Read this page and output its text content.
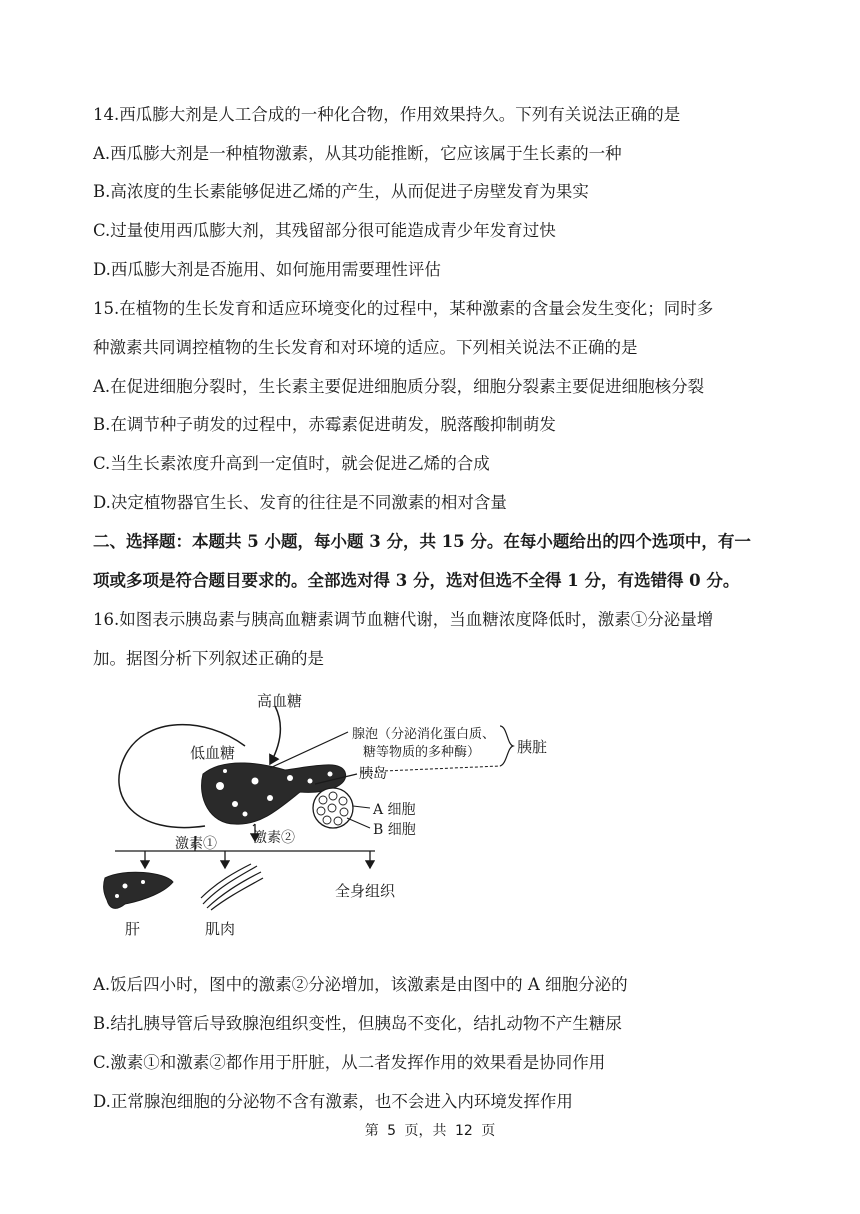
14.西瓜膨大剂是人工合成的一种化合物，作用效果持久。下列有关说法正确的是
A.西瓜膨大剂是一种植物激素，从其功能推断，它应该属于生长素的一种
B.高浓度的生长素能够促进乙烯的产生，从而促进子房壁发育为果实
C.过量使用西瓜膨大剂，其残留部分很可能造成青少年发育过快
D.西瓜膨大剂是否施用、如何施用需要理性评估
15.在植物的生长发育和适应环境变化的过程中，某种激素的含量会发生变化；同时多
种激素共同调控植物的生长发育和对环境的适应。下列相关说法不正确的是
A.在促进细胞分裂时，生长素主要促进细胞质分裂，细胞分裂素主要促进细胞核分裂
B.在调节种子萌发的过程中，赤霉素促进萌发，脱落酸抑制萌发
C.当生长素浓度升高到一定值时，就会促进乙烯的合成
D.决定植物器官生长、发育的往往是不同激素的相对含量
二、选择题：本题共 5 小题，每小题 3 分，共 15 分。在每小题给出的四个选项中，有一
项或多项是符合题目要求的。全部选对得 3 分，选对但选不全得 1 分，有选错得 0 分。
16.如图表示胰岛素与胰高血糖素调节血糖代谢，当血糖浓度降低时，激素①分泌量增
加。据图分析下列叙述正确的是
高血糖
低血糖
腺泡（分泌消化蛋白质、
糖等物质的多种酶） 胰脏
胰岛
A 细胞
B 细胞
激素①	激素②
肝	肌肉
全身组织
A.饭后四小时，图中的激素②分泌增加，该激素是由图中的 A 细胞分泌的
B.结扎胰导管后导致腺泡组织变性，但胰岛不变化，结扎动物不产生糖尿
C.激素①和激素②都作用于肝脏，从二者发挥作用的效果看是协同作用
D.正常腺泡细胞的分泌物不含有激素，也不会进入内环境发挥作用
第 5 页，共 12 页
